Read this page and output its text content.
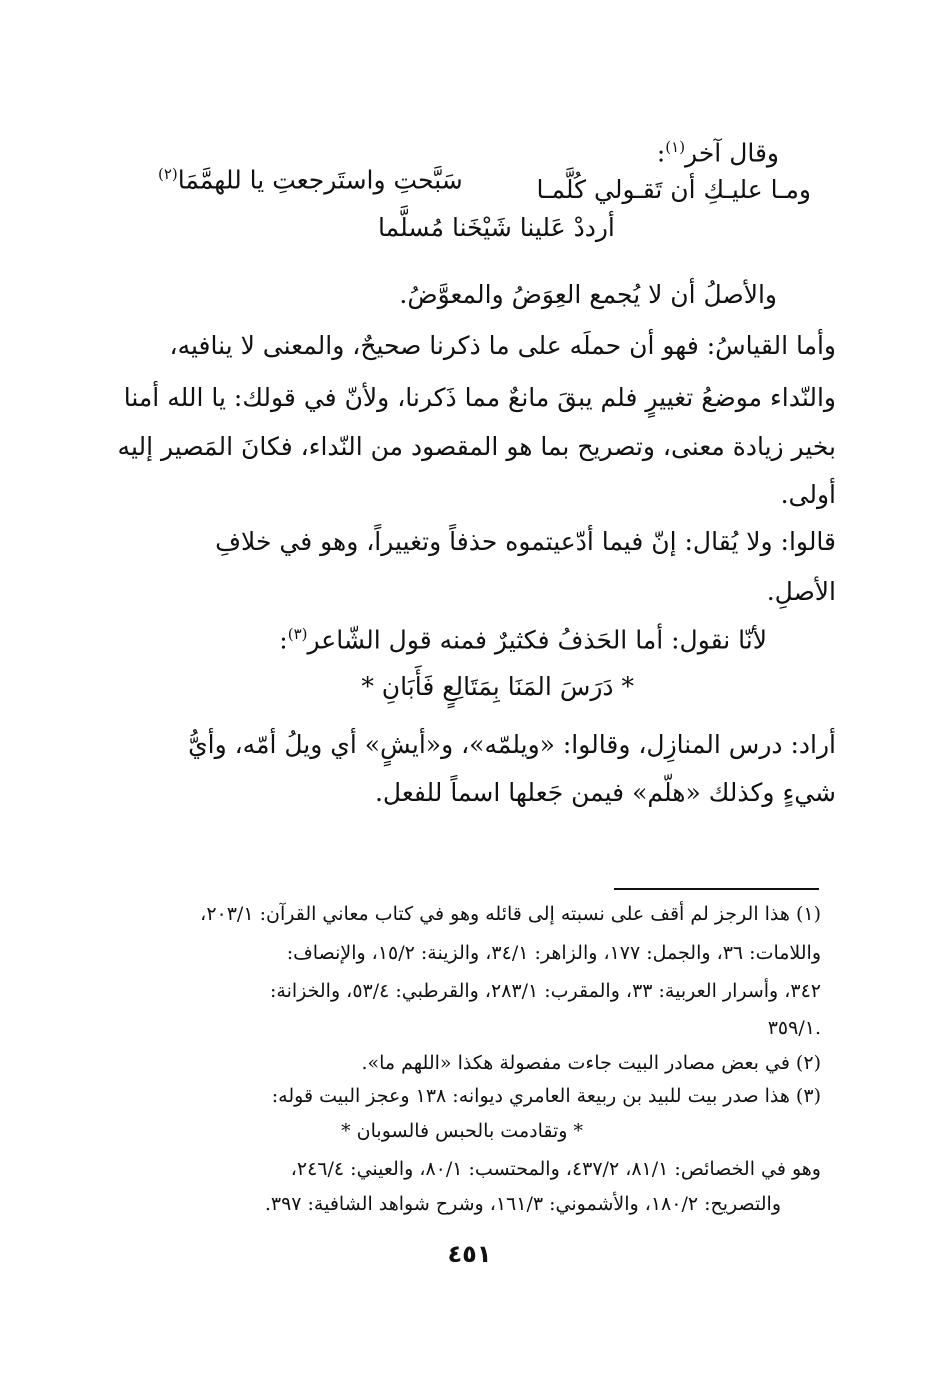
وقال آخر$^{(١)}$:
ومـا عليـكِ أن تَقـولي كُلَّمـا
سَبَّحتِ واستَرجعتِ يا للهمَّمَا$^{(٢)}$
أرددْ عَلينا شَيْخَنا مُسلَّما
والأصلُ أن لا يُجمع العِوَضُ والمعوَّضُ.
وأما القياسُ: فهو أن حملَه على ما ذكرنا صحيحٌ، والمعنى لا ينافيه،
والنّداء موضعُ تغييرٍ فلم يبقَ مانعٌ مما ذَكرنا، ولأنّ في قولك: يا الله أمنا
بخير زيادة معنى، وتصريح بما هو المقصود من النّداء، فكانَ المَصير إليه
أولى.
قالوا: ولا يُقال: إنّ فيما أدّعيتموه حذفاً وتغييراً، وهو في خلافِ
الأصلِ.
لأنّا نقول: أما الحَذفُ فكثيرٌ فمنه قول الشّاعر$^{(٣)}$:
* دَرَسَ المَنَا بِمَتَالِعٍ فَأَبَانِ *
أراد: درس المنازِل، وقالوا: «ويلمّه»، و«أيشٍ» أي ويلُ أمّه، وأيُّ
شيءٍ وكذلك «هلّم» فيمن جَعلها اسماً للفعل.
(١) هذا الرجز لم أقف على نسبته إلى قائله وهو في كتاب معاني القرآن: ٢٠٣/١،
واللامات: ٣٦، والجمل: ١٧٧، والزاهر: ٣٤/١، والزينة: ١٥/٢، والإنصاف:
٣٤٢، وأسرار العربية: ٣٣، والمقرب: ٢٨٣/١، والقرطبي: ٥٣/٤، والخزانة:
٣٥٩/١.
(٢) في بعض مصادر البيت جاءت مفصولة هكذا «اللهم ما».
(٣) هذا صدر بيت للبيد بن ربيعة العامري ديوانه: ١٣٨ وعجز البيت قوله:
* وتقادمت بالحبس فالسوبان *
وهو في الخصائص: ٨١/١، ٤٣٧/٢، والمحتسب: ٨٠/١، والعيني: ٢٤٦/٤،
والتصريح: ١٨٠/٢، والأشموني: ١٦١/٣، وشرح شواهد الشافية: ٣٩٧.
٤٥١
